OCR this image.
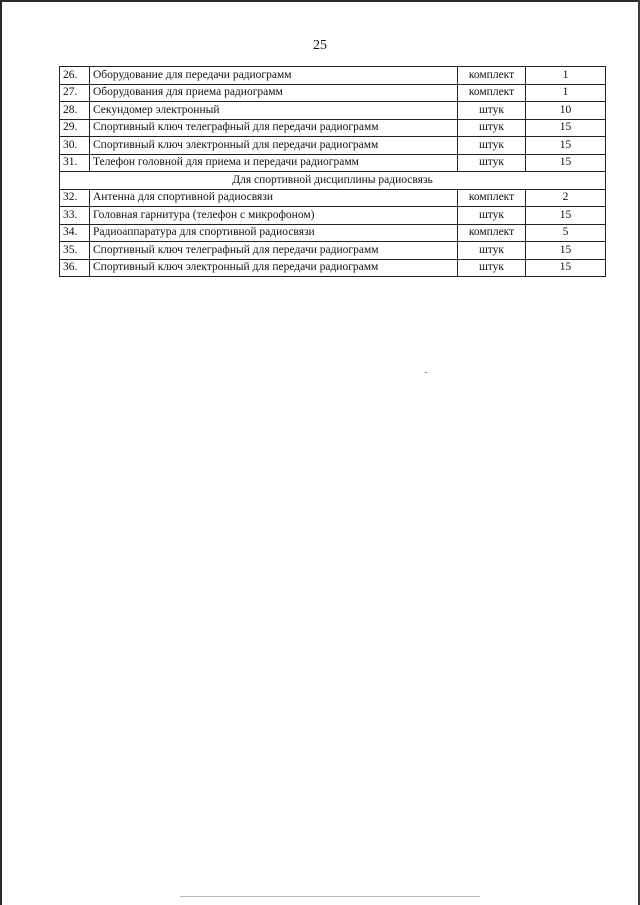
25
26.	Оборудование для передачи радиограмм	комплект	1
27.	Оборудования для приема радиограмм	комплект	1
28.	Секундомер электронный	штук	10
29.	Спортивный ключ телеграфный для передачи радиограмм	штук	15
30.	Спортивный ключ электронный для передачи радиограмм	штук	15
31.	Телефон головной для приема и передачи радиограмм	штук	15
Для спортивной дисциплины радиосвязь			
32.	Антенна для спортивной радиосвязи	комплект	2
33.	Головная гарнитура (телефон с микрофоном)	штук	15
34.	Радиоаппаратура для спортивной радиосвязи	комплект	5
35.	Спортивный ключ телеграфный для передачи радиограмм	штук	15
36.	Спортивный ключ электронный для передачи радиограмм	штук	15
